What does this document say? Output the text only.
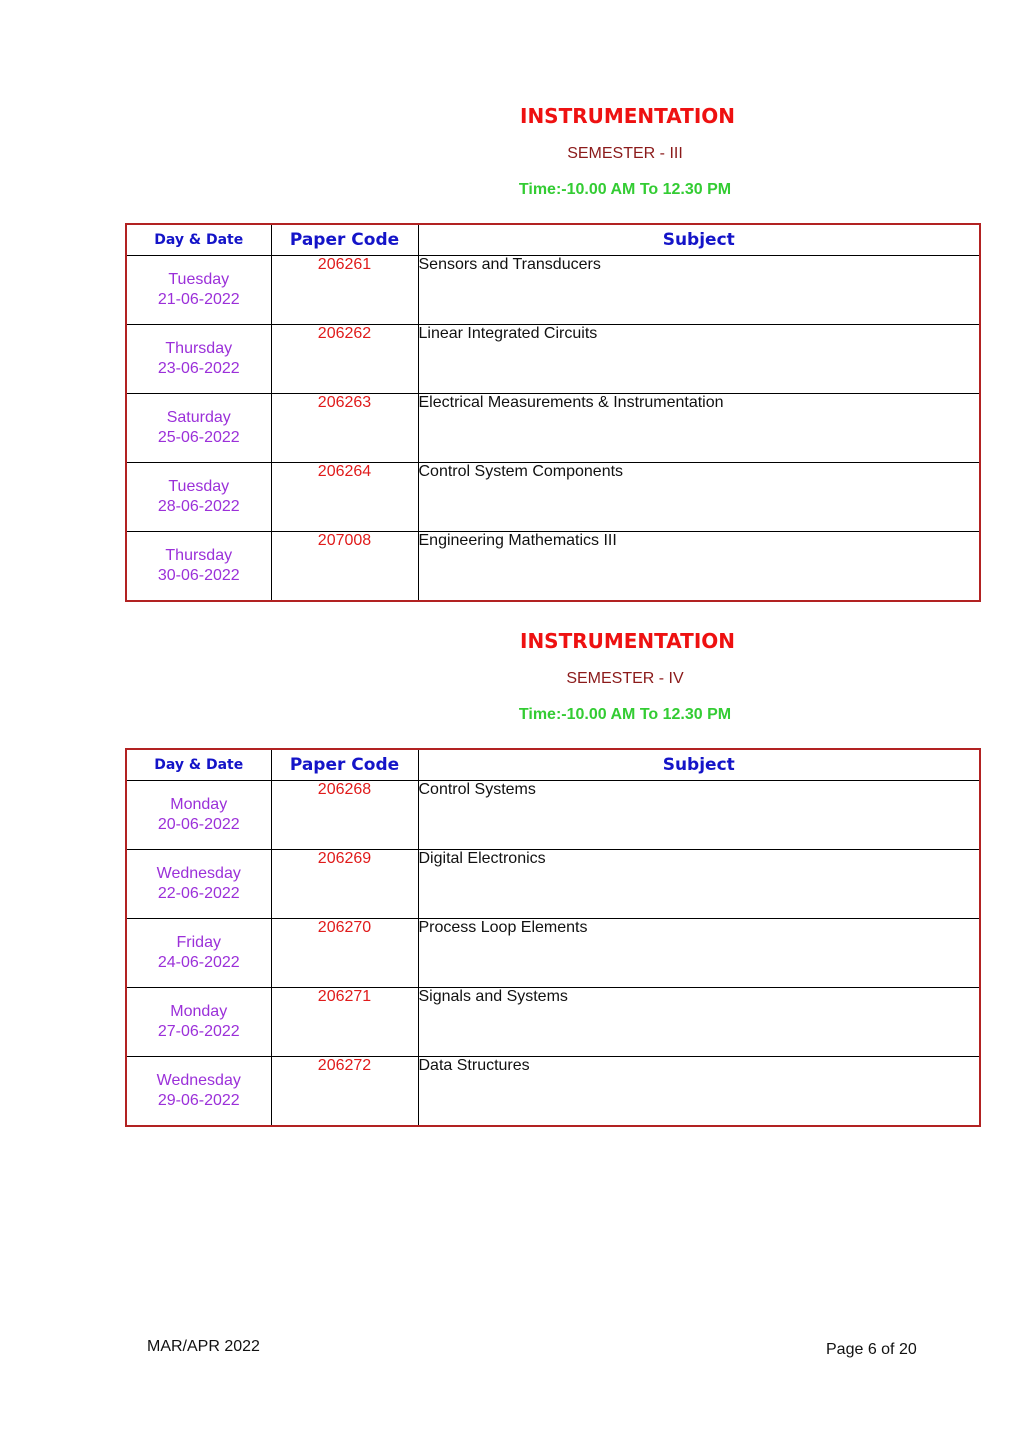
INSTRUMENTATION
SEMESTER - III
Time:-10.00 AM To 12.30 PM
Day & Date	Paper Code	Subject
Tuesday
21-06-2022	206261	Sensors and Transducers
Thursday
23-06-2022	206262	Linear Integrated Circuits
Saturday
25-06-2022	206263	Electrical Measurements & Instrumentation
Tuesday
28-06-2022	206264	Control System Components
Thursday
30-06-2022	207008	Engineering Mathematics III
INSTRUMENTATION
SEMESTER - IV
Time:-10.00 AM To 12.30 PM
Day & Date	Paper Code	Subject
Monday
20-06-2022	206268	Control Systems
Wednesday
22-06-2022	206269	Digital Electronics
Friday
24-06-2022	206270	Process Loop Elements
Monday
27-06-2022	206271	Signals and Systems
Wednesday
29-06-2022	206272	Data Structures
MAR/APR 2022	Page 6 of 20
